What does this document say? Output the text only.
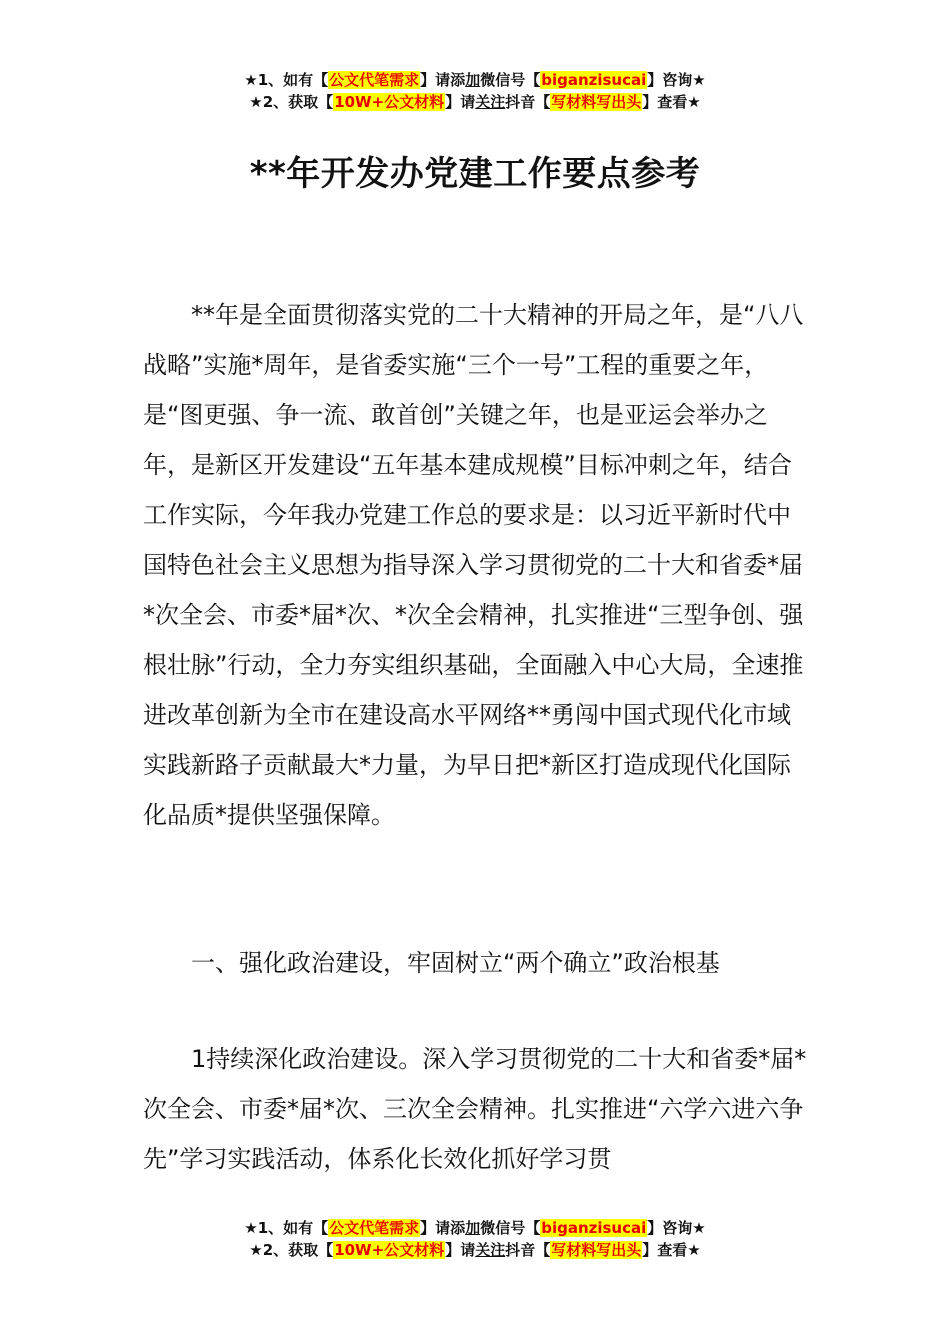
★1、如有【公文代笔需求】请添加微信号【biganzisucai】咨询★
★2、获取【10W+公文材料】请关注抖音【写材料写出头】查看★
**年开发办党建工作要点参考

**年是全面贯彻落实党的二十大精神的开局之年，是“八八战略”实施*周年，是省委实施“三个一号”工程的重要之年，是“图更强、争一流、敢首创”关键之年，也是亚运会举办之年，是新区开发建设“五年基本建成规模”目标冲刺之年，结合工作实际，今年我办党建工作总的要求是：以习近平新时代中国特色社会主义思想为指导深入学习贯彻党的二十大和省委*届*次全会、市委*届*次、*次全会精神，扎实推进“三型争创、强根壮脉”行动，全力夯实组织基础，全面融入中心大局，全速推进改革创新为全市在建设高水平网络**勇闯中国式现代化市域实践新路子贡献最大*力量，为早日把*新区打造成现代化国际化品质*提供坚强保障。

一、强化政治建设，牢固树立“两个确立”政治根基

1持续深化政治建设。深入学习贯彻党的二十大和省委*届*次全会、市委*届*次、三次全会精神。扎实推进“六学六进六争先”学习实践活动，体系化长效化抓好学习贯

★1、如有【公文代笔需求】请添加微信号【biganzisucai】咨询★
★2、获取【10W+公文材料】请关注抖音【写材料写出头】查看★
